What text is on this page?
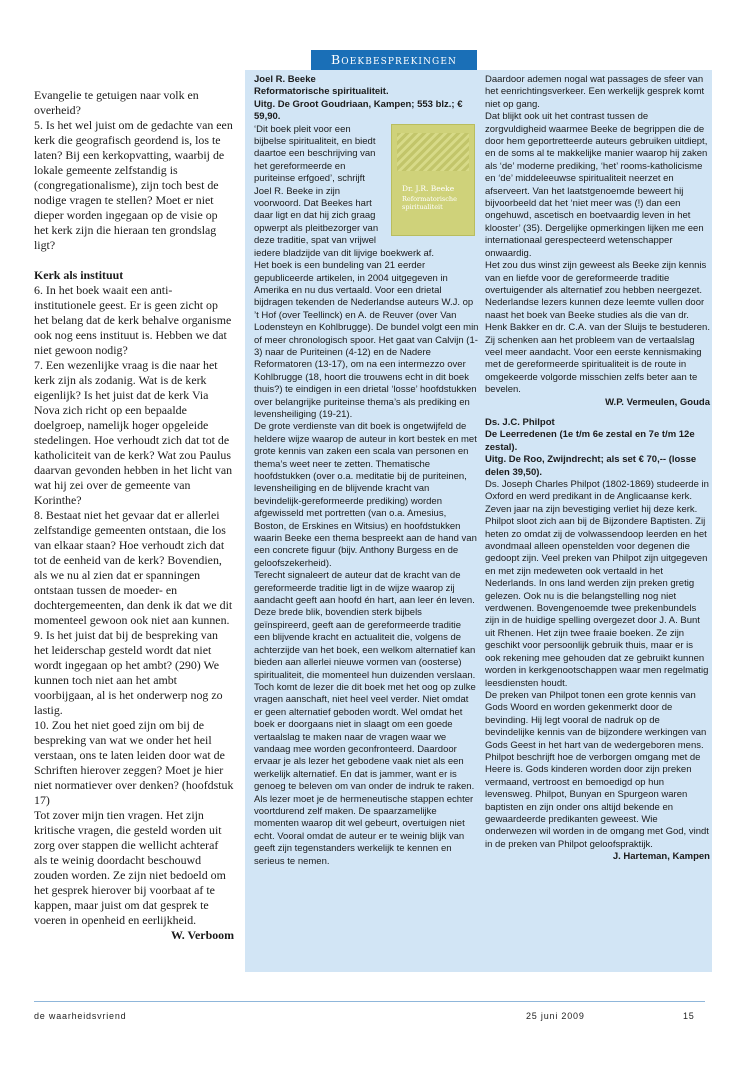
Evangelie te getuigen naar volk en overheid?

5. Is het wel juist om de gedachte van een kerk die geografisch geordend is, los te laten? Bij een kerkopvatting, waarbij de lokale gemeente zelfstandig is (congregationalisme), zijn toch best de nodige vragen te stellen? Moet er niet dieper worden ingegaan op de visie op het kerk zijn die hieraan ten grondslag ligt?

Kerk als instituut

6. In het boek waait een anti-institutionele geest. Er is geen zicht op het belang dat de kerk behalve organisme ook nog eens instituut is. Hebben we dat niet gewoon nodig?

7. Een wezenlijke vraag is die naar het kerk zijn als zodanig. Wat is de kerk eigenlijk? Is het juist dat de kerk Via Nova zich richt op een bepaalde doelgroep, namelijk hoger opgeleide stedelingen. Hoe verhoudt zich dat tot de katholiciteit van de kerk? Wat zou Paulus daarvan gevonden hebben in het licht van wat hij zei over de gemeente van Korinthe?

8. Bestaat niet het gevaar dat er allerlei zelfstandige gemeenten ontstaan, die los van elkaar staan? Hoe verhoudt zich dat tot de eenheid van de kerk? Bovendien, als we nu al zien dat er spanningen ontstaan tussen de moeder- en dochtergemeenten, dan denk ik dat we dit momenteel gewoon ook niet aan kunnen.

9. Is het juist dat bij de bespreking van het leiderschap gesteld wordt dat niet wordt ingegaan op het ambt? (290) We kunnen toch niet aan het ambt voorbijgaan, al is het onderwerp nog zo lastig.

10. Zou het niet goed zijn om bij de bespreking van wat we onder het heil verstaan, ons te laten leiden door wat de Schriften hierover zeggen? Moet je hier niet normatiever over denken? (hoofdstuk 17)

Tot zover mijn tien vragen. Het zijn kritische vragen, die gesteld worden uit zorg over stappen die wellicht achteraf als te weinig doordacht beschouwd zouden worden. Ze zijn niet bedoeld om het gesprek hierover bij voorbaat af te kappen, maar juist om dat gesprek te voeren in openheid en eerlijkheid.

W. Verboom

Boekbesprekingen

Joel R. Beeke

Reformatorische spiritualiteit.

Uitg. De Groot Goudriaan, Kampen; 553 blz.; € 59,90.

Dr. J.R. Beeke
Reformatorische spiritualiteit

‘Dit boek pleit voor een bijbelse spiritualiteit, en biedt daartoe een beschrijving van het gereformeerde en puriteinse erfgoed’, schrijft Joel R. Beeke in zijn voorwoord. Dat Beekes hart daar ligt en dat hij zich graag opwerpt als pleitbezorger van deze traditie, spat van vrijwel iedere bladzijde van dit lijvige boekwerk af.

Het boek is een bundeling van 21 eerder gepubliceerde artikelen, in 2004 uitgegeven in Amerika en nu dus vertaald. Voor een drietal bijdragen tekenden de Nederlandse auteurs W.J. op ’t Hof (over Teellinck) en A. de Reuver (over Van Lodensteyn en Kohlbrugge). De bundel volgt een min of meer chronologisch spoor. Het gaat van Calvijn (1-3) naar de Puriteinen (4-12) en de Nadere Reformatoren (13-17), om na een intermezzo over Kohlbrugge (18, hoort die trouwens echt in dit boek thuis?) te eindigen in een drietal ‘losse’ hoofdstukken over belangrijke puriteinse thema’s als prediking en levensheiliging (19-21).

De grote verdienste van dit boek is ongetwijfeld de heldere wijze waarop de auteur in kort bestek en met grote kennis van zaken een scala van personen en thema’s weet neer te zetten. Thematische hoofdstukken (over o.a. meditatie bij de puriteinen, levensheiliging en de blijvende kracht van bevindelijk-gereformeerde prediking) worden afgewisseld met portretten (van o.a. Amesius, Boston, de Erskines en Witsius) en hoofdstukken waarin Beeke een thema bespreekt aan de hand van een concrete figuur (bijv. Anthony Burgess en de geloofszekerheid).

Terecht signaleert de auteur dat de kracht van de gereformeerde traditie ligt in de wijze waarop zij aandacht geeft aan hoofd én hart, aan leer én leven. Deze brede blik, bovendien sterk bijbels geïnspireerd, geeft aan de gereformeerde traditie een blijvende kracht en actualiteit die, volgens de achterzijde van het boek, een welkom alternatief kan bieden aan allerlei nieuwe vormen van (oosterse) spiritualiteit, die momenteel hun duizenden verslaan. Toch komt de lezer die dit boek met het oog op zulke vragen aanschaft, niet heel veel verder. Niet omdat er geen alternatief geboden wordt. Wel omdat het boek er doorgaans niet in slaagt om een goede vertaalslag te maken naar de vragen waar we vandaag mee worden geconfronteerd. Daardoor ervaar je als lezer het gebodene vaak niet als een werkelijk alternatief. En dat is jammer, want er is genoeg te beleven om van onder de indruk te raken. Als lezer moet je de hermeneutische stappen echter voortdurend zelf maken. De spaarzamelijke momenten waarop dit wel gebeurt, overtuigen niet echt. Vooral omdat de auteur er te weinig blijk van geeft zijn tegenstanders werkelijk te kennen en serieus te nemen.

Daardoor ademen nogal wat passages de sfeer van het eenrichtingsverkeer. Een werkelijk gesprek komt niet op gang.

Dat blijkt ook uit het contrast tussen de zorgvuldigheid waarmee Beeke de begrippen die de door hem geportretteerde auteurs gebruiken uitdiept, en de soms al te makkelijke manier waarop hij zaken als ‘de’ moderne prediking, ‘het’ rooms-katholicisme en ‘de’ middeleeuwse spiritualiteit neerzet en afserveert. Van het laatstgenoemde beweert hij bijvoorbeeld dat het ‘niet meer was (!) dan een ongehuwd, ascetisch en boetvaardig leven in het klooster’ (35). Dergelijke opmerkingen lijken me een internationaal gerespecteerd wetenschapper onwaardig.

Het zou dus winst zijn geweest als Beeke zijn kennis van en liefde voor de gereformeerde traditie overtuigender als alternatief zou hebben neergezet. Nederlandse lezers kunnen deze leemte vullen door naast het boek van Beeke studies als die van dr. Henk Bakker en dr. C.A. van der Sluijs te bestuderen. Zij schenken aan het probleem van de vertaalslag veel meer aandacht. Voor een eerste kennismaking met de gereformeerde spiritualiteit is de route in omgekeerde volgorde misschien zelfs beter aan te bevelen.

W.P. Vermeulen, Gouda

Ds. J.C. Philpot

De Leerredenen (1e t/m 6e zestal en 7e t/m 12e zestal).

Uitg. De Roo, Zwijndrecht; als set € 70,-- (losse delen 39,50).

Ds. Joseph Charles Philpot (1802-1869) studeerde in Oxford en werd predikant in de Anglicaanse kerk. Zeven jaar na zijn bevestiging verliet hij deze kerk. Philpot sloot zich aan bij de Bijzondere Baptisten. Zij heten zo omdat zij de volwassendoop leerden en het avondmaal alleen openstelden voor degenen die gedoopt zijn. Veel preken van Philpot zijn uitgegeven en met zijn medeweten ook vertaald in het Nederlands. In ons land werden zijn preken gretig gelezen. Ook nu is die belangstelling nog niet verdwenen. Bovengenoemde twee prekenbundels zijn in de huidige spelling overgezet door J. A. Bunt uit Rhenen. Het zijn twee fraaie boeken. Ze zijn geschikt voor persoonlijk gebruik thuis, maar er is ook rekening mee gehouden dat ze gebruikt kunnen worden in kerkgenootschappen waar men regelmatig leesdiensten houdt.

De preken van Philpot tonen een grote kennis van Gods Woord en worden gekenmerkt door de bevinding. Hij legt vooral de nadruk op de bevindelijke kennis van de bijzondere werkingen van Gods Geest in het hart van de wedergeboren mens. Philpot beschrijft hoe de verborgen omgang met de Heere is. Gods kinderen worden door zijn preken vermaand, vertroost en bemoedigd op hun levensweg. Philpot, Bunyan en Spurgeon waren baptisten en zijn onder ons altijd bekende en gewaardeerde predikanten geweest. Wie onderwezen wil worden in de omgang met God, vindt in de preken van Philpot geloofspraktijk.

J. Harteman, Kampen

de waarheidsvriend	25 juni 2009	15
